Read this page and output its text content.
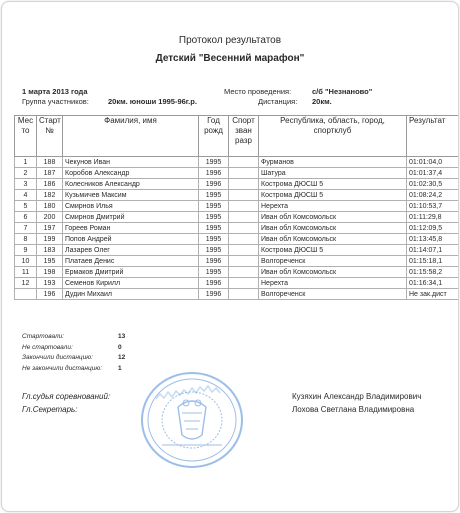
Протокол результатов
Детский "Весенний марафон"
1 марта 2013 года
Группа участников:	20км. юноши 1995-96г.р.
Место проведения:	с/б "Незнаново"
Дистанция: 20км.
Мес то	Старт №	Фамилия, имя	Год рожд	Спорт зван разр	Республика, область, город, спортклуб	Результат
1	188	Чекунов Иван	1995		Фурманов	01:01:04,0
2	187	Коробов Александр	1996		Шатура	01:01:37,4
3	186	Колесников Александр	1996		Кострома ДЮСШ 5	01:02:30,5
4	182	Кузьмичев Максим	1995		Кострома ДЮСШ 5	01:08:24,2
5	180	Смирнов Илья	1995		Нерехта	01:10:53,7
6	200	Смирнов Дмитрий	1995		Иван обл Комсомольск	01:11:29,8
7	197	Гореев Роман	1995		Иван обл Комсомольск	01:12:09,5
8	199	Попов Андрей	1995		Иван обл Комсомольск	01:13:45,8
9	183	Лазарев Олег	1995		Кострома ДЮСШ 5	01:14:07,1
10	195	Платаев Денис	1996		Волгореченск	01:15:18,1
11	198	Ермаков Дмитрий	1995		Иван обл Комсомольск	01:15:58,2
12	193	Семенов Кирилл	1996		Нерехта	01:16:34,1
	196	Дудин Михаил	1996		Волгореченск	Не зак.дист
Стартовали:	13
Не стартовали:	0
Закончили дистанцию:	12
Не закончили дистанцию: 1
Гл.судья соревнований:
Гл.Секретарь:
Кузяхин Александр Владимирович
Лохова Светлана Владимировна
